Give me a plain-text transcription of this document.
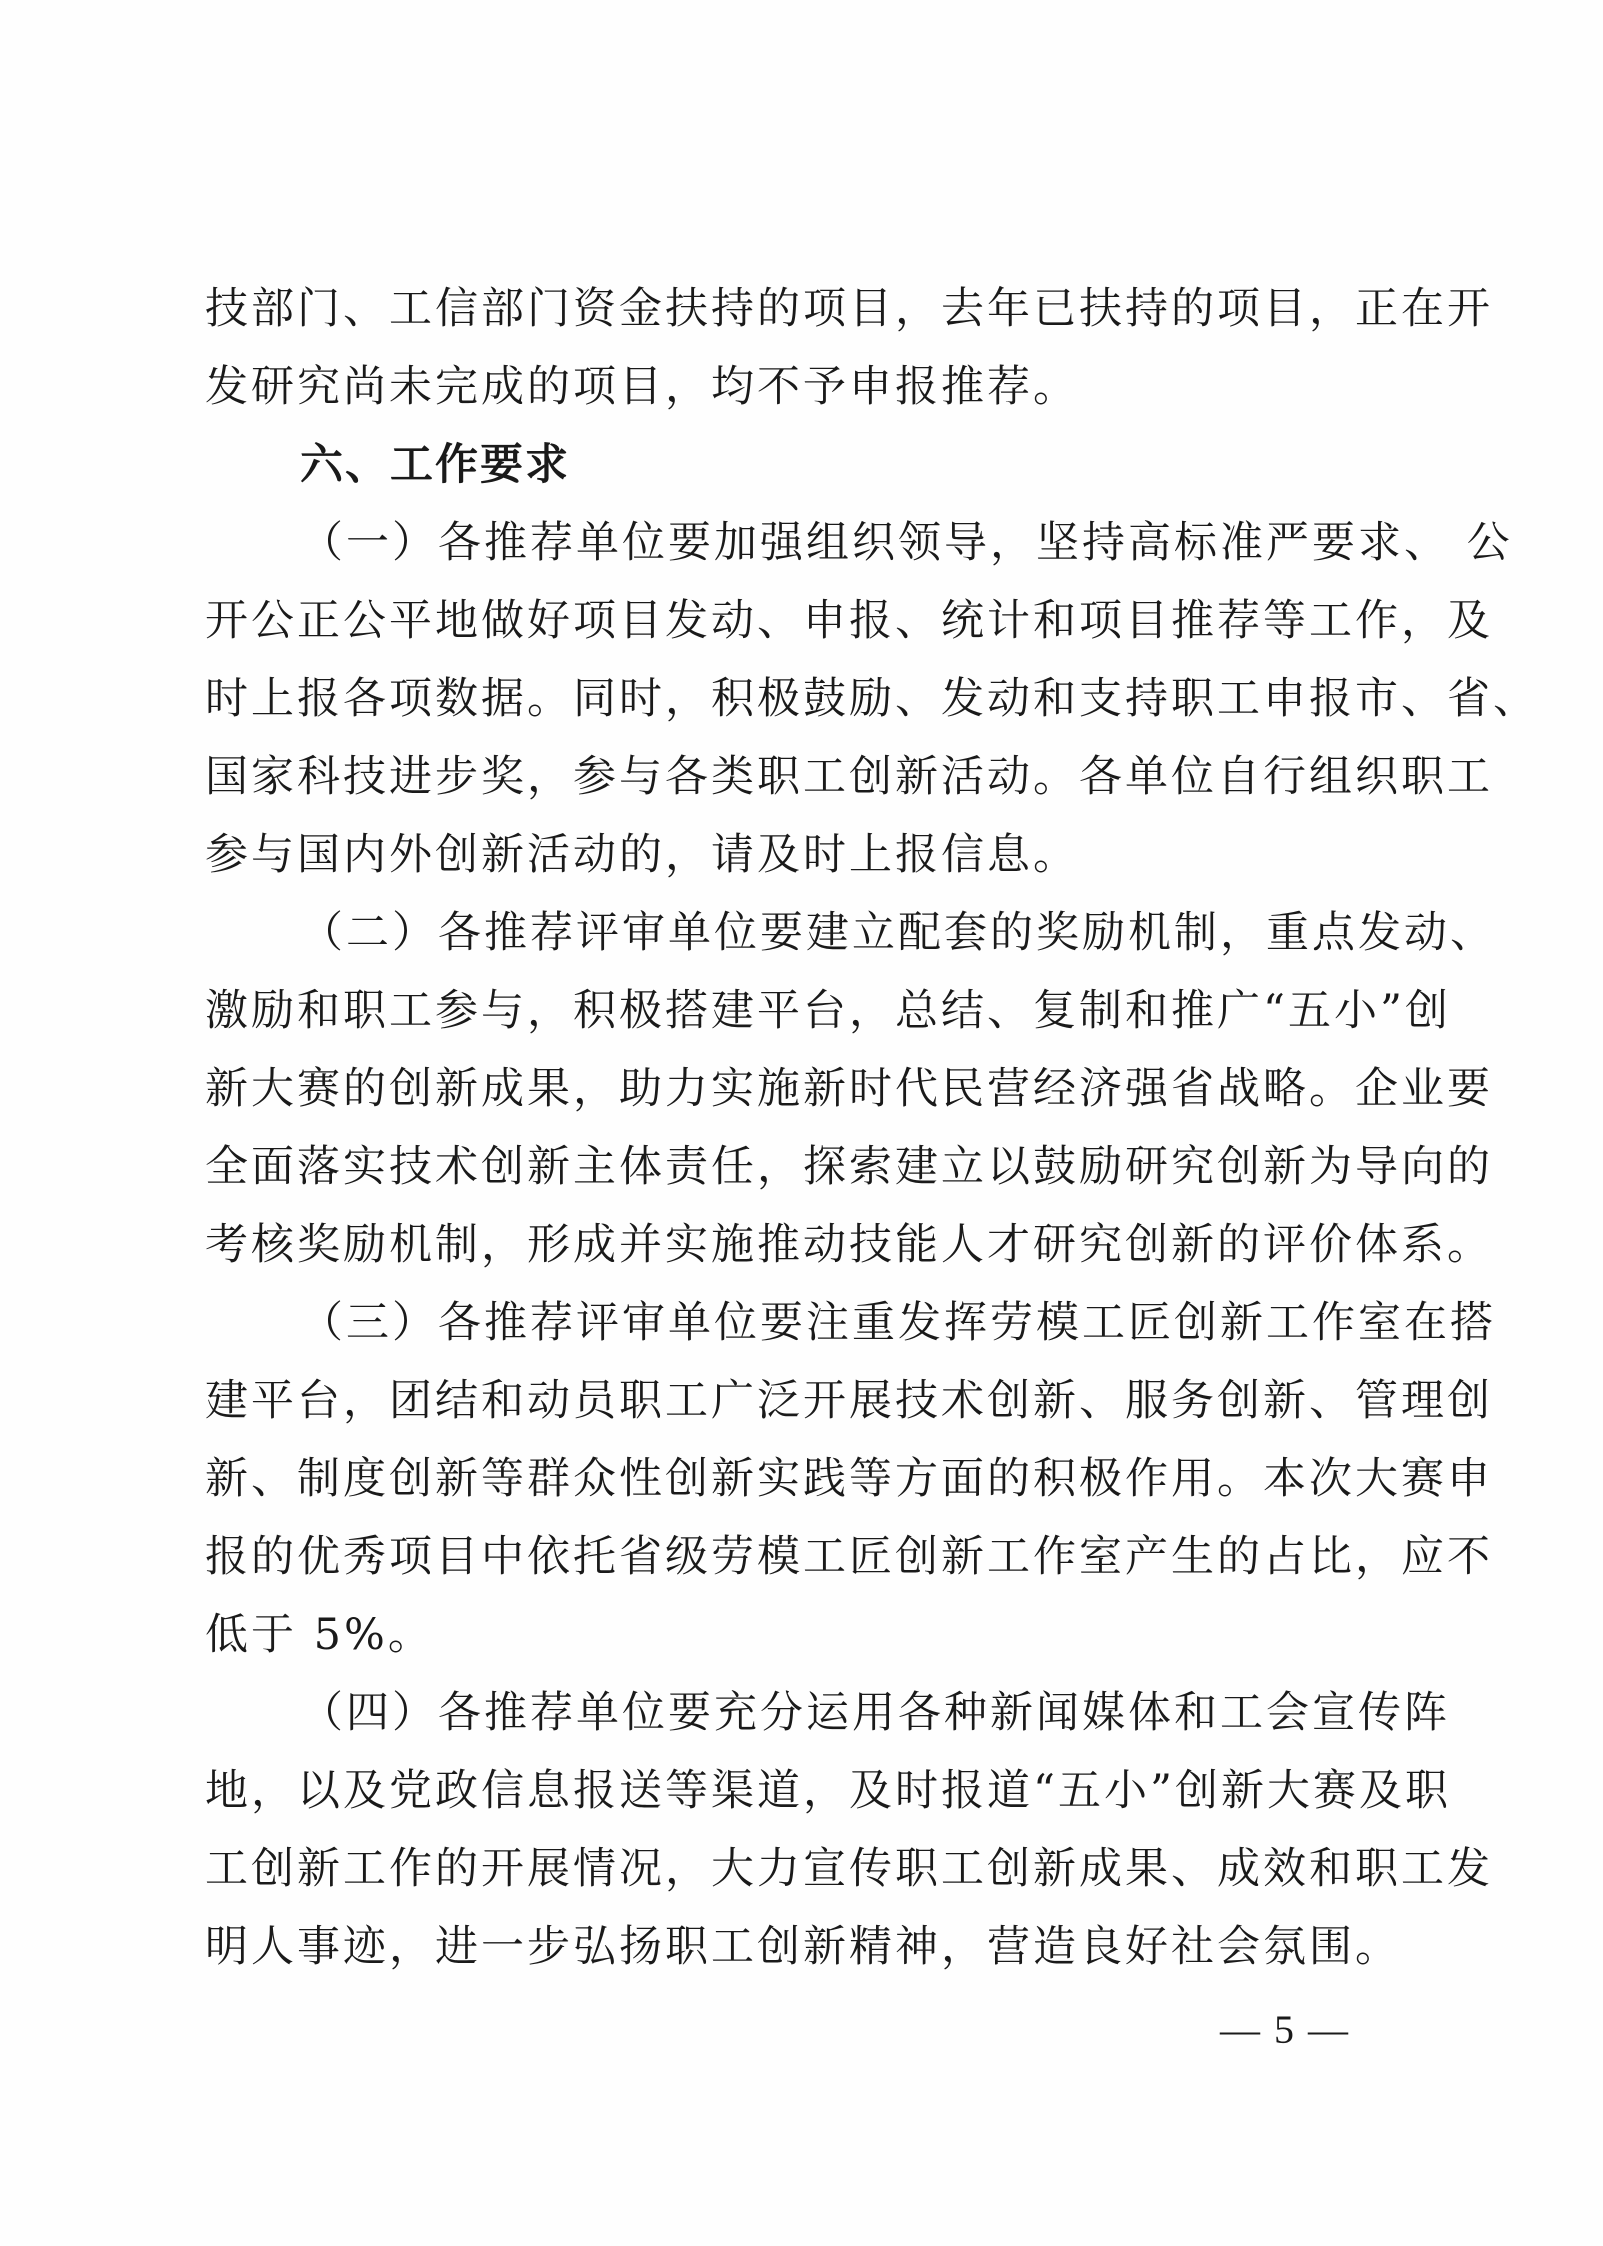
技部门、工信部门资金扶持的项目，去年已扶持的项目，正在开
发研究尚未完成的项目，均不予申报推荐。
六、工作要求
（一）各推荐单位要加强组织领导，坚持高标准严要求、 公
开公正公平地做好项目发动、申报、统计和项目推荐等工作，及
时上报各项数据。同时，积极鼓励、发动和支持职工申报市、省、
国家科技进步奖，参与各类职工创新活动。各单位自行组织职工
参与国内外创新活动的，请及时上报信息。
（二）各推荐评审单位要建立配套的奖励机制，重点发动、
激励和职工参与，积极搭建平台，总结、复制和推广“五小”创
新大赛的创新成果，助力实施新时代民营经济强省战略。企业要
全面落实技术创新主体责任，探索建立以鼓励研究创新为导向的
考核奖励机制，形成并实施推动技能人才研究创新的评价体系。
（三）各推荐评审单位要注重发挥劳模工匠创新工作室在搭
建平台，团结和动员职工广泛开展技术创新、服务创新、管理创
新、制度创新等群众性创新实践等方面的积极作用。本次大赛申
报的优秀项目中依托省级劳模工匠创新工作室产生的占比，应不
低于 5%。
（四）各推荐单位要充分运用各种新闻媒体和工会宣传阵
地，以及党政信息报送等渠道，及时报道“五小”创新大赛及职
工创新工作的开展情况，大力宣传职工创新成果、成效和职工发
明人事迹，进一步弘扬职工创新精神，营造良好社会氛围。
— 5 —
